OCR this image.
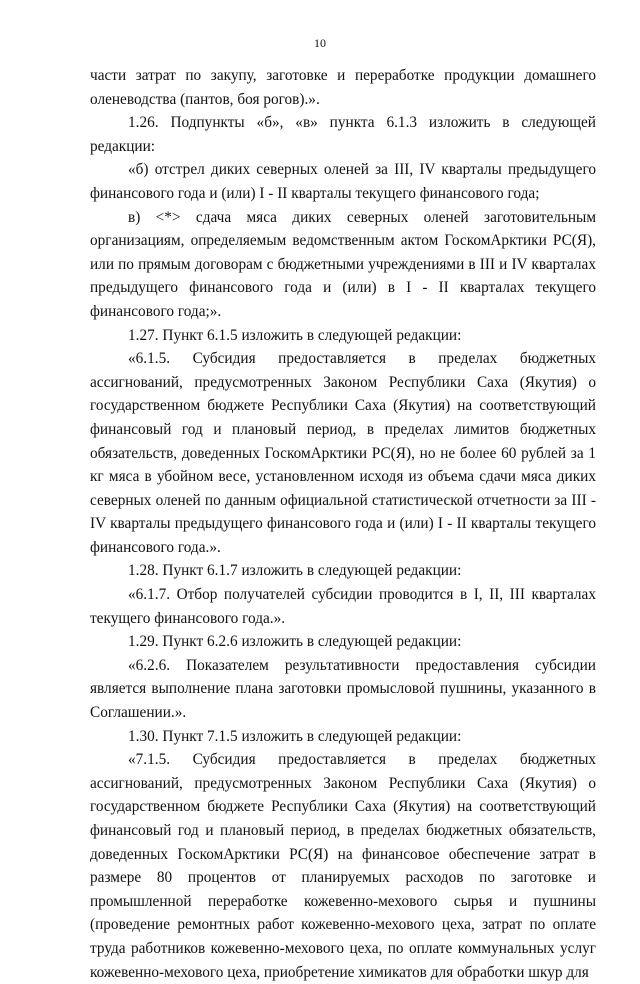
10

части затрат по закупу, заготовке и переработке продукции домашнего оленеводства (пантов, боя рогов).».

1.26. Подпункты «б», «в» пункта 6.1.3 изложить в следующей редакции:

«б) отстрел диких северных оленей за III, IV кварталы предыдущего финансового года и (или) I - II кварталы текущего финансового года;

в) <*> сдача мяса диких северных оленей заготовительным организациям, определяемым ведомственным актом ГоскомАрктики РС(Я), или по прямым договорам с бюджетными учреждениями в III и IV кварталах предыдущего финансового года и (или) в I - II кварталах текущего финансового года;».

1.27. Пункт 6.1.5 изложить в следующей редакции:

«6.1.5. Субсидия предоставляется в пределах бюджетных ассигнований, предусмотренных Законом Республики Саха (Якутия) о государственном бюджете Республики Саха (Якутия) на соответствующий финансовый год и плановый период, в пределах лимитов бюджетных обязательств, доведенных ГоскомАрктики РС(Я), но не более 60 рублей за 1 кг мяса в убойном весе, установленном исходя из объема сдачи мяса диких северных оленей по данным официальной статистической отчетности за III - IV кварталы предыдущего финансового года и (или) I - II кварталы текущего финансового года.».

1.28. Пункт 6.1.7 изложить в следующей редакции:

«6.1.7. Отбор получателей субсидии проводится в I, II, III кварталах текущего финансового года.».

1.29. Пункт 6.2.6 изложить в следующей редакции:

«6.2.6. Показателем результативности предоставления субсидии является выполнение плана заготовки промысловой пушнины, указанного в Соглашении.».

1.30. Пункт 7.1.5 изложить в следующей редакции:

«7.1.5. Субсидия предоставляется в пределах бюджетных ассигнований, предусмотренных Законом Республики Саха (Якутия) о государственном бюджете Республики Саха (Якутия) на соответствующий финансовый год и плановый период, в пределах бюджетных обязательств, доведенных ГоскомАрктики РС(Я) на финансовое обеспечение затрат в размере 80 процентов от планируемых расходов по заготовке и промышленной переработке кожевенно-мехового сырья и пушнины (проведение ремонтных работ кожевенно-мехового цеха, затрат по оплате труда работников кожевенно-мехового цеха, по оплате коммунальных услуг кожевенно-мехового цеха, приобретение химикатов для обработки шкур для
